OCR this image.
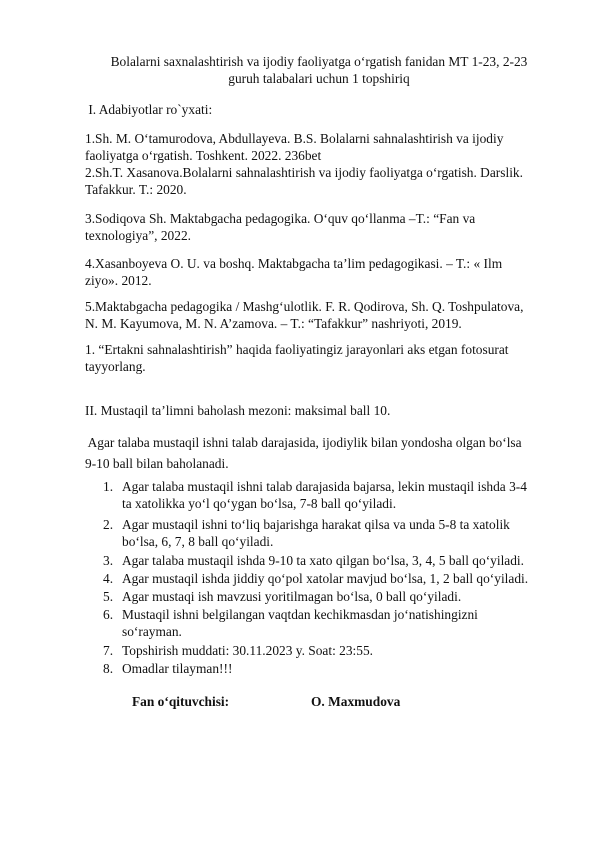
Bolalarni saxnalashtirish va ijodiy faoliyatga o‘rgatish fanidan MT 1-23, 2-23
guruh talabalari uchun 1 topshiriq
I. Adabiyotlar ro`yxati:
1.Sh. M. O‘tamurodova, Abdullayeva. B.S. Bolalarni sahnalashtirish va ijodiy
faoliyatga o‘rgatish. Toshkent. 2022. 236bet
2.Sh.T. Xasanova.Bolalarni sahnalashtirish va ijodiy faoliyatga o‘rgatish. Darslik.
Tafakkur. T.: 2020.
3.Sodiqova Sh. Maktabgacha pedagogika. O‘quv qo‘llanma –T.: “Fan va
texnologiya”, 2022.
4.Xasanboyeva O. U. va boshq. Maktabgacha ta’lim pedagogikasi. – T.: « Ilm
ziyo». 2012.
5.Maktabgacha pedagogika / Mashg‘ulotlik. F. R. Qodirova, Sh. Q. Toshpulatova,
N. M. Kayumova, M. N. A’zamova. – T.: “Tafakkur” nashriyoti, 2019.
1. “Ertakni sahnalashtirish” haqida faoliyatingiz jarayonlari aks etgan fotosurat
tayyorlang.
II. Mustaqil ta’limni baholash mezoni: maksimal ball 10.
Agar talaba mustaqil ishni talab darajasida, ijodiylik bilan yondosha olgan bo‘lsa
9-10 ball bilan baholanadi.
1. Agar talaba mustaqil ishni talab darajasida bajarsa, lekin mustaqil ishda 3-4
ta xatolikka yo‘l qo‘ygan bo‘lsa, 7-8 ball qo‘yiladi.
2. Agar mustaqil ishni to‘liq bajarishga harakat qilsa va unda 5-8 ta xatolik
bo‘lsa, 6, 7, 8 ball qo‘yiladi.
3. Agar talaba mustaqil ishda 9-10 ta xato qilgan bo‘lsa, 3, 4, 5 ball qo‘yiladi.
4. Agar mustaqil ishda jiddiy qo‘pol xatolar mavjud bo‘lsa, 1, 2 ball qo‘yiladi.
5. Agar mustaqi ish mavzusi yoritilmagan bo‘lsa, 0 ball qo‘yiladi.
6. Mustaqil ishni belgilangan vaqtdan kechikmasdan jo‘natishingizni
so‘rayman.
7. Topshirish muddati: 30.11.2023 y. Soat: 23:55.
8. Omadlar tilayman!!!
Fan o‘qituvchisi:	O. Maxmudova
